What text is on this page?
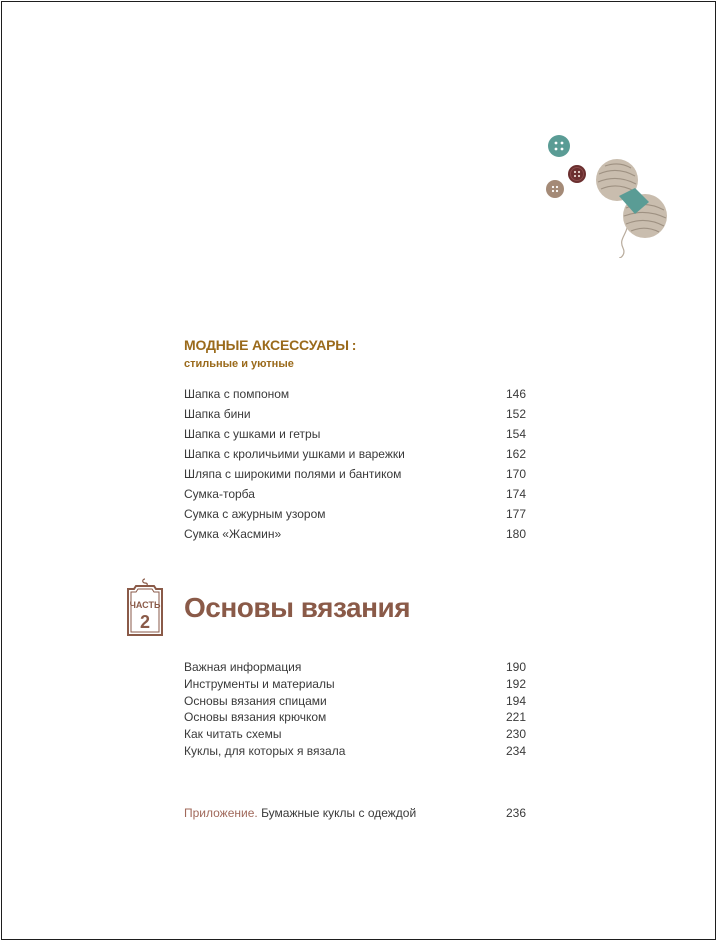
МОДНЫЕ АКСЕССУАРЫ :
стильные и уютные
Шапка с помпоном	146
Шапка бини	152
Шапка с ушками и гетры	154
Шапка с кроличьими ушками и варежки	162
Шляпа с широкими полями и бантиком	170
Сумка-торба	174
Сумка с ажурным узором	177
Сумка «Жасмин»	180
ЧАСТЬ
2 Основы вязания
Важная информация	190
Инструменты и материалы	192
Основы вязания спицами	194
Основы вязания крючком	221
Как читать схемы	230
Куклы, для которых я вязала	234
Приложение. Бумажные куклы с одеждой	236
